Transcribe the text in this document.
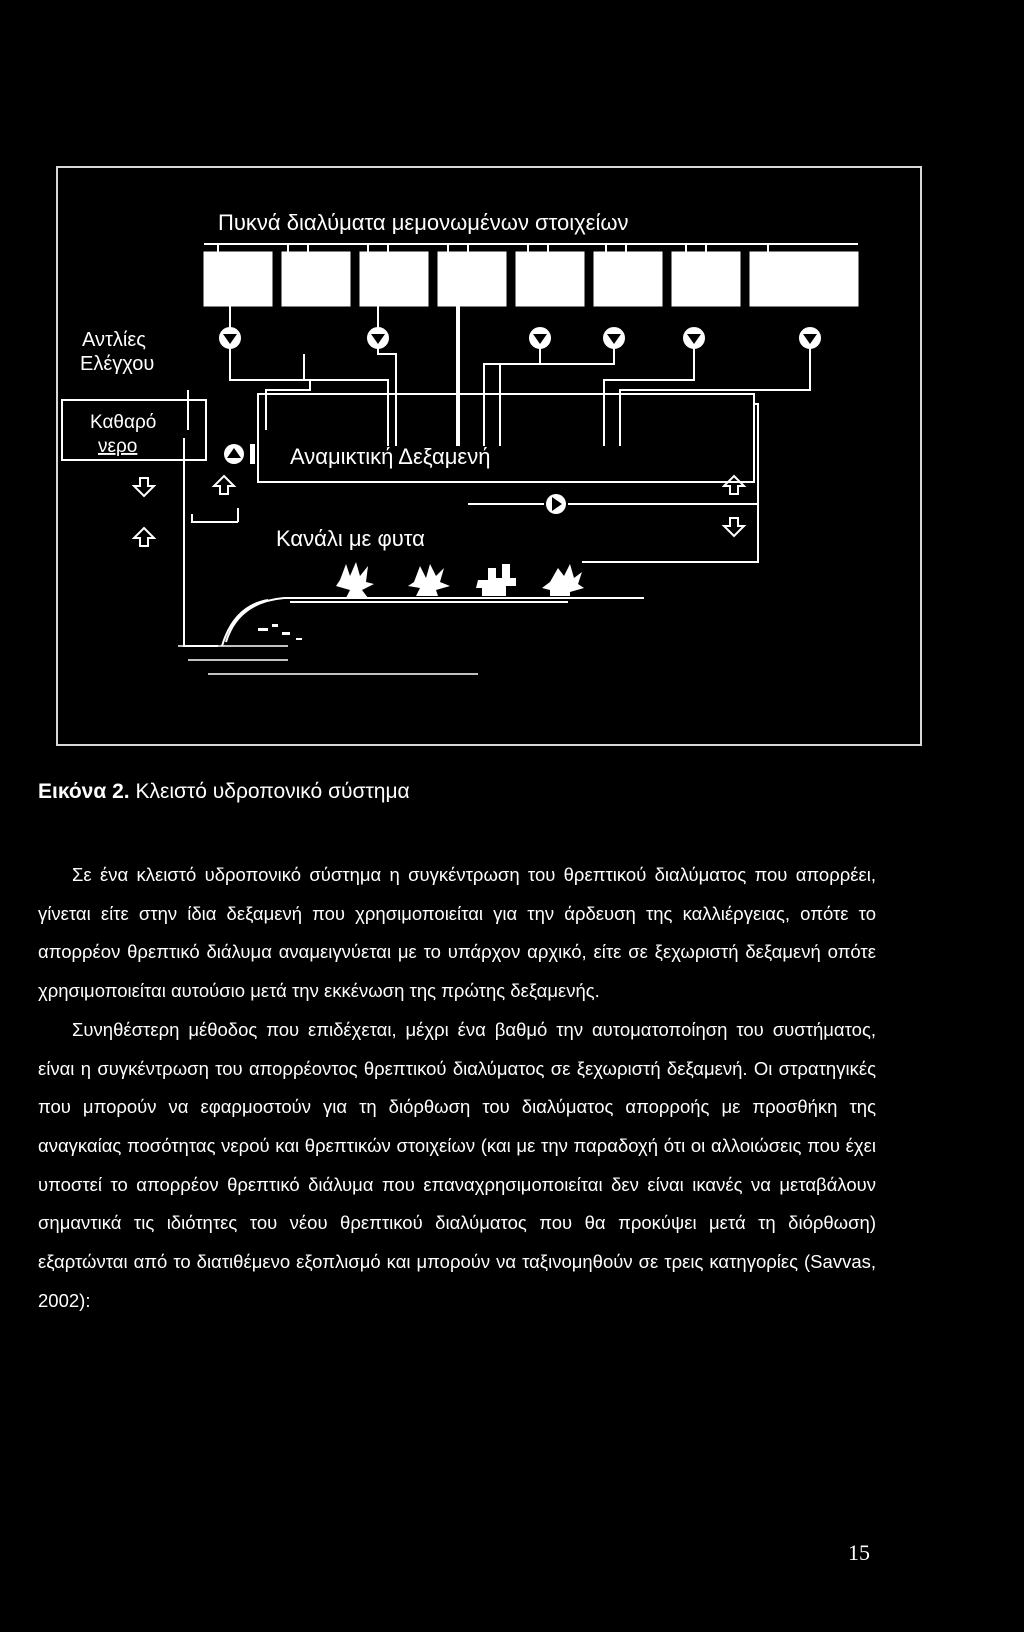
Πυκνά διαλύματα μεμονωμένων στοιχείων
Αντλίες
Ελέγχου
Καθαρό
νερο	Αναμικτική Δεξαμενή
Κανάλι με φυτα
Εικόνα 2. Κλειστό υδροπονικό σύστημα

Σε ένα κλειστό υδροπονικό σύστημα η συγκέντρωση του θρεπτικού διαλύματος που απορρέει, γίνεται είτε στην ίδια δεξαμενή που χρησιμοποιείται για την άρδευση της καλλιέργειας, οπότε το απορρέον θρεπτικό διάλυμα αναμειγνύεται με το υπάρχον αρχικό, είτε σε ξεχωριστή δεξαμενή οπότε χρησιμοποιείται αυτούσιο μετά την εκκένωση της πρώτης δεξαμενής.

Συνηθέστερη μέθοδος που επιδέχεται, μέχρι ένα βαθμό την αυτοματοποίηση του συστήματος, είναι η συγκέντρωση του απορρέοντος θρεπτικού διαλύματος σε ξεχωριστή δεξαμενή. Οι στρατηγικές που μπορούν να εφαρμοστούν για τη διόρθωση του διαλύματος απορροής με προσθήκη της αναγκαίας ποσότητας νερού και θρεπτικών στοιχείων (και με την παραδοχή ότι οι αλλοιώσεις που έχει υποστεί το απορρέον θρεπτικό διάλυμα που επαναχρησιμοποιείται δεν είναι ικανές να μεταβάλουν σημαντικά τις ιδιότητες του νέου θρεπτικού διαλύματος που θα προκύψει μετά τη διόρθωση) εξαρτώνται από το διατιθέμενο εξοπλισμό και μπορούν να ταξινομηθούν σε τρεις κατηγορίες (Savvas, 2002):

15
